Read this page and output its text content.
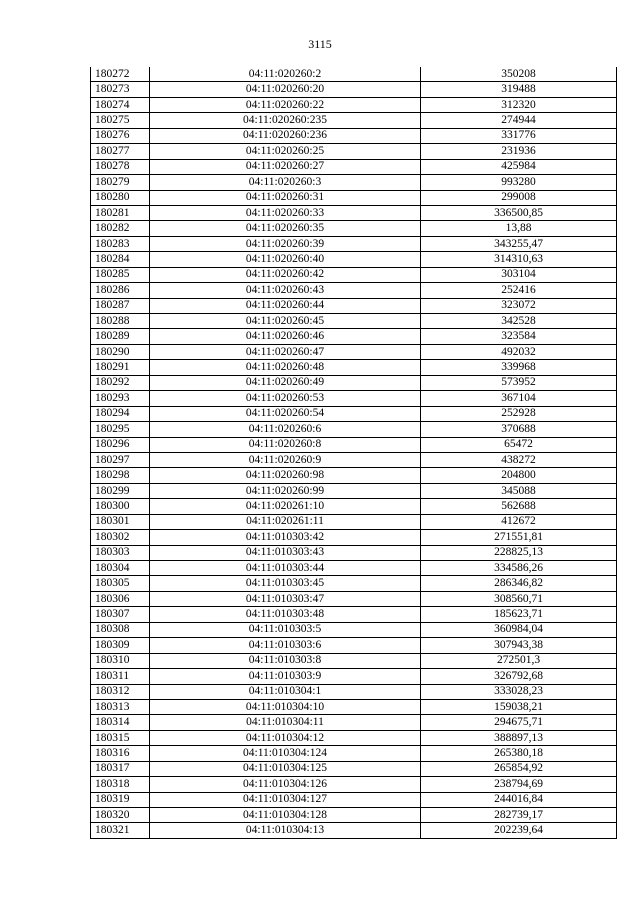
3115
180272	04:11:020260:2	350208
180273	04:11:020260:20	319488
180274	04:11:020260:22	312320
180275	04:11:020260:235	274944
180276	04:11:020260:236	331776
180277	04:11:020260:25	231936
180278	04:11:020260:27	425984
180279	04:11:020260:3	993280
180280	04:11:020260:31	299008
180281	04:11:020260:33	336500,85
180282	04:11:020260:35	13,88
180283	04:11:020260:39	343255,47
180284	04:11:020260:40	314310,63
180285	04:11:020260:42	303104
180286	04:11:020260:43	252416
180287	04:11:020260:44	323072
180288	04:11:020260:45	342528
180289	04:11:020260:46	323584
180290	04:11:020260:47	492032
180291	04:11:020260:48	339968
180292	04:11:020260:49	573952
180293	04:11:020260:53	367104
180294	04:11:020260:54	252928
180295	04:11:020260:6	370688
180296	04:11:020260:8	65472
180297	04:11:020260:9	438272
180298	04:11:020260:98	204800
180299	04:11:020260:99	345088
180300	04:11:020261:10	562688
180301	04:11:020261:11	412672
180302	04:11:010303:42	271551,81
180303	04:11:010303:43	228825,13
180304	04:11:010303:44	334586,26
180305	04:11:010303:45	286346,82
180306	04:11:010303:47	308560,71
180307	04:11:010303:48	185623,71
180308	04:11:010303:5	360984,04
180309	04:11:010303:6	307943,38
180310	04:11:010303:8	272501,3
180311	04:11:010303:9	326792,68
180312	04:11:010304:1	333028,23
180313	04:11:010304:10	159038,21
180314	04:11:010304:11	294675,71
180315	04:11:010304:12	388897,13
180316	04:11:010304:124	265380,18
180317	04:11:010304:125	265854,92
180318	04:11:010304:126	238794,69
180319	04:11:010304:127	244016,84
180320	04:11:010304:128	282739,17
180321	04:11:010304:13	202239,64
